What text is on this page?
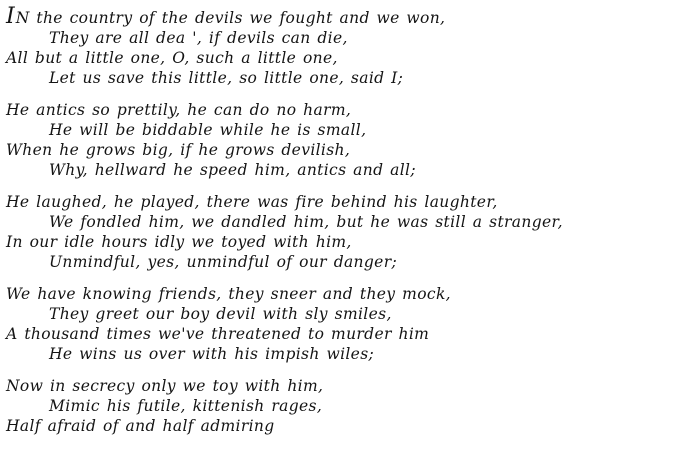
IN the country of the devils we fought and we won,
They are all dea ', if devils can die,
All but a little one, O, such a little one,
Let us save this little, so little one, said I;
He antics so prettily, he can do no harm,
He will be biddable while he is small,
When he grows big, if he grows devilish,
Why, hellward he speed him, antics and all;
He laughed, he played, there was fire behind his laughter,
We fondled him, we dandled him, but he was still a stranger,
In our idle hours idly we toyed with him,
Unmindful, yes, unmindful of our danger;
We have knowing friends, they sneer and they mock,
They greet our boy devil with sly smiles,
A thousand times we've threatened to murder him
He wins us over with his impish wiles;
Now in secrecy only we toy with him,
Mimic his futile, kittenish rages,
Half afraid of and half admiring
